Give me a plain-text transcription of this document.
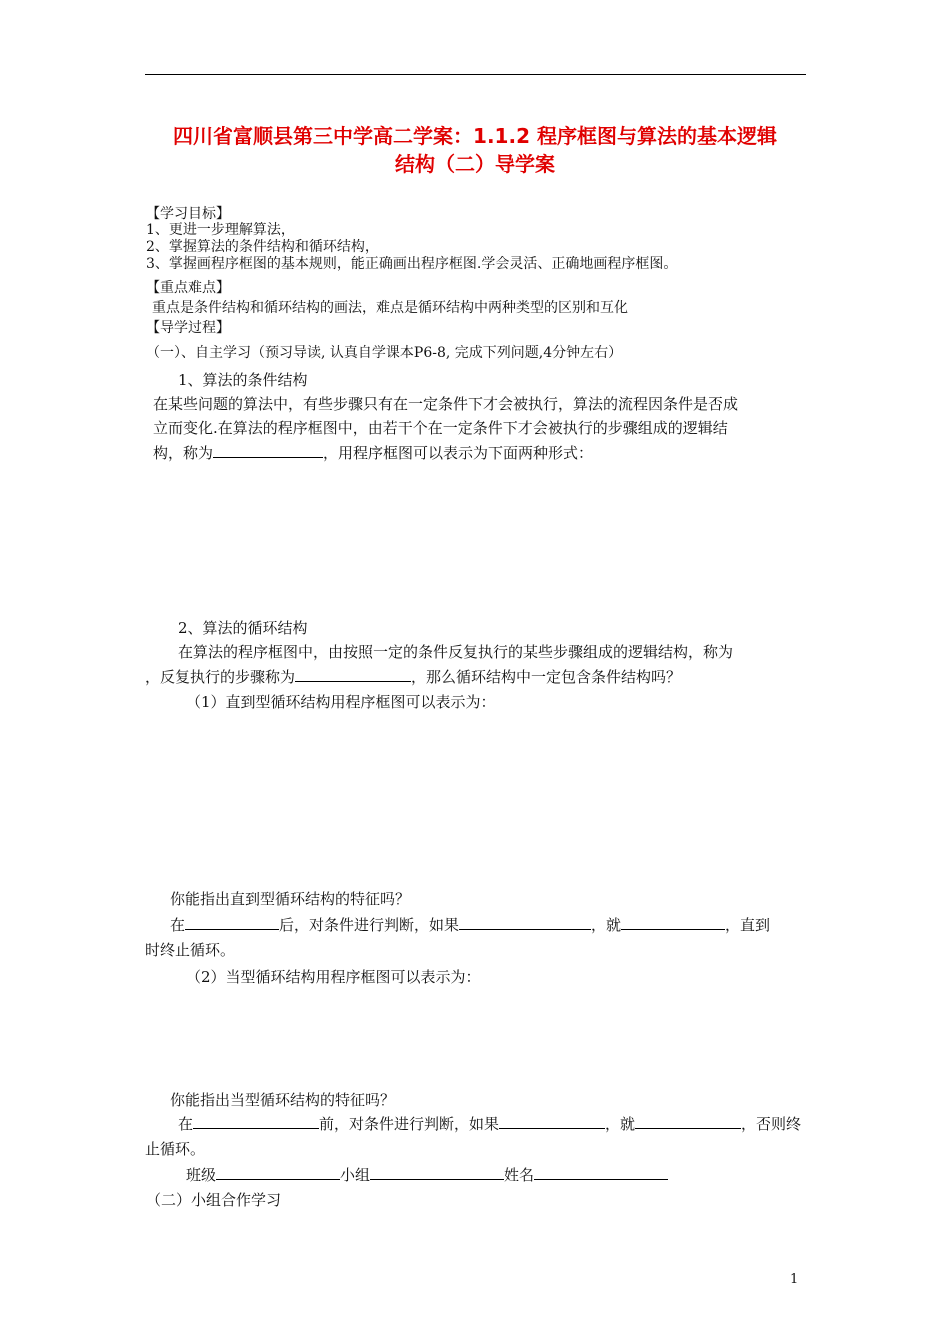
四川省富顺县第三中学高二学案：1.1.2 程序框图与算法的基本逻辑
结构（二）导学案
【学习目标】
1、更进一步理解算法，
2、掌握算法的条件结构和循环结构，
3、掌握画程序框图的基本规则，能正确画出程序框图.学会灵活、正确地画程序框图。
【重点难点】
重点是条件结构和循环结构的画法，难点是循环结构中两种类型的区别和互化
【导学过程】
（一）、自主学习（预习导读, 认真自学课本P6-8, 完成下列问题,4分钟左右）
1、算法的条件结构
在某些问题的算法中，有些步骤只有在一定条件下才会被执行，算法的流程因条件是否成
立而变化.在算法的程序框图中，由若干个在一定条件下才会被执行的步骤组成的逻辑结
构，称为	，用程序框图可以表示为下面两种形式：
2、算法的循环结构
在算法的程序框图中，由按照一定的条件反复执行的某些步骤组成的逻辑结构，称为
，反复执行的步骤称为	，那么循环结构中一定包含条件结构吗？
（1）直到型循环结构用程序框图可以表示为：
你能指出直到型循环结构的特征吗？
在	后，对条件进行判断，如果	，就	，直到
时终止循环。
（2）当型循环结构用程序框图可以表示为：
你能指出当型循环结构的特征吗？
在	前，对条件进行判断，如果	，就	，否则终
止循环。
班级	小组	姓名
（二）小组合作学习
1
